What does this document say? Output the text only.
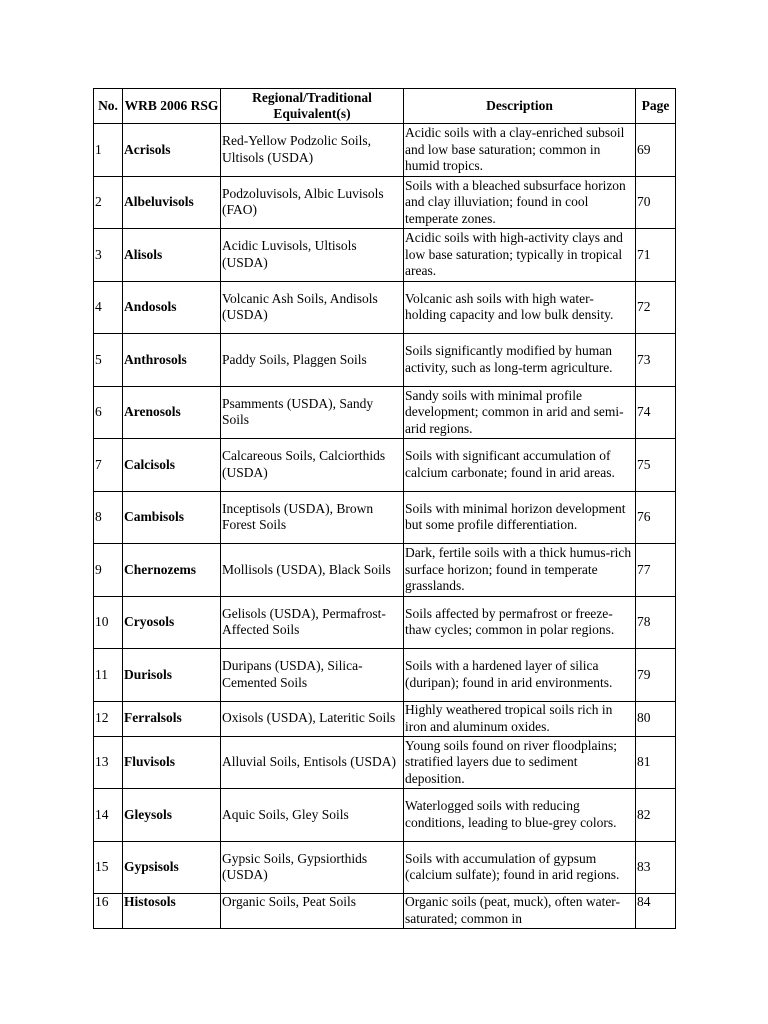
No.	WRB 2006 RSG	Regional/Traditional Equivalent(s)	Description	Page
1	Acrisols	Red-Yellow Podzolic Soils, Ultisols (USDA)	Acidic soils with a clay-enriched subsoil and low base saturation; common in humid tropics.	69
2	Albeluvisols	Podzoluvisols, Albic Luvisols (FAO)	Soils with a bleached subsurface horizon and clay illuviation; found in cool temperate zones.	70
3	Alisols	Acidic Luvisols, Ultisols (USDA)	Acidic soils with high-activity clays and low base saturation; typically in tropical areas.	71
4	Andosols	Volcanic Ash Soils, Andisols (USDA)	Volcanic ash soils with high water-holding capacity and low bulk density.	72
5	Anthrosols	Paddy Soils, Plaggen Soils	Soils significantly modified by human activity, such as long-term agriculture.	73
6	Arenosols	Psamments (USDA), Sandy Soils	Sandy soils with minimal profile development; common in arid and semi-arid regions.	74
7	Calcisols	Calcareous Soils, Calciorthids (USDA)	Soils with significant accumulation of calcium carbonate; found in arid areas.	75
8	Cambisols	Inceptisols (USDA), Brown Forest Soils	Soils with minimal horizon development but some profile differentiation.	76
9	Chernozems	Mollisols (USDA), Black Soils	Dark, fertile soils with a thick humus-rich surface horizon; found in temperate grasslands.	77
10	Cryosols	Gelisols (USDA), Permafrost-Affected Soils	Soils affected by permafrost or freeze-thaw cycles; common in polar regions.	78
11	Durisols	Duripans (USDA), Silica-Cemented Soils	Soils with a hardened layer of silica (duripan); found in arid environments.	79
12	Ferralsols	Oxisols (USDA), Lateritic Soils	Highly weathered tropical soils rich in iron and aluminum oxides.	80
13	Fluvisols	Alluvial Soils, Entisols (USDA)	Young soils found on river floodplains; stratified layers due to sediment deposition.	81
14	Gleysols	Aquic Soils, Gley Soils	Waterlogged soils with reducing conditions, leading to blue-grey colors.	82
15	Gypsisols	Gypsic Soils, Gypsiorthids (USDA)	Soils with accumulation of gypsum (calcium sulfate); found in arid regions.	83
16	Histosols	Organic Soils, Peat Soils	Organic soils (peat, muck), often water-saturated; common in	84
